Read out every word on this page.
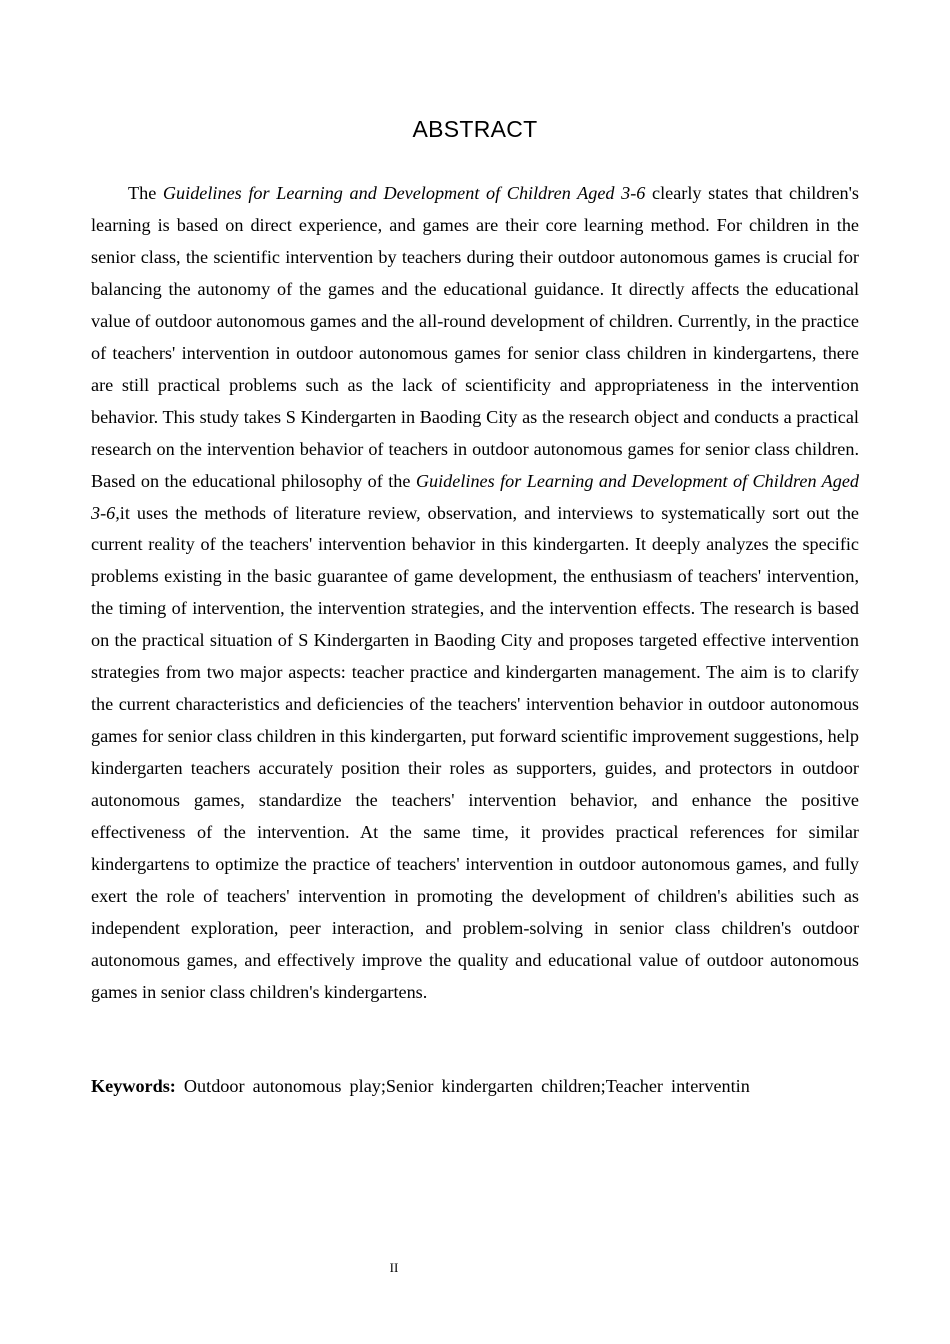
ABSTRACT

The Guidelines for Learning and Development of Children Aged 3-6 clearly states that children's learning is based on direct experience, and games are their core learning method. For children in the senior class, the scientific intervention by teachers during their outdoor autonomous games is crucial for balancing the autonomy of the games and the educational guidance. It directly affects the educational value of outdoor autonomous games and the all-round development of children. Currently, in the practice of teachers' intervention in outdoor autonomous games for senior class children in kindergartens, there are still practical problems such as the lack of scientificity and appropriateness in the intervention behavior. This study takes S Kindergarten in Baoding City as the research object and conducts a practical research on the intervention behavior of teachers in outdoor autonomous games for senior class children. Based on the educational philosophy of the Guidelines for Learning and Development of Children Aged 3-6,it uses the methods of literature review, observation, and interviews to systematically sort out the current reality of the teachers' intervention behavior in this kindergarten. It deeply analyzes the specific problems existing in the basic guarantee of game development, the enthusiasm of teachers' intervention, the timing of intervention, the intervention strategies, and the intervention effects. The research is based on the practical situation of S Kindergarten in Baoding City and proposes targeted effective intervention strategies from two major aspects: teacher practice and kindergarten management. The aim is to clarify the current characteristics and deficiencies of the teachers' intervention behavior in outdoor autonomous games for senior class children in this kindergarten, put forward scientific improvement suggestions, help kindergarten teachers accurately position their roles as supporters, guides, and protectors in outdoor autonomous games, standardize the teachers' intervention behavior, and enhance the positive effectiveness of the intervention. At the same time, it provides practical references for similar kindergartens to optimize the practice of teachers' intervention in outdoor autonomous games, and fully exert the role of teachers' intervention in promoting the development of children's abilities such as independent exploration, peer interaction, and problem-solving in senior class children's outdoor autonomous games, and effectively improve the quality and educational value of outdoor autonomous games in senior class children's kindergartens.

Keywords: Outdoor autonomous play;Senior kindergarten children;Teacher interventin

II
